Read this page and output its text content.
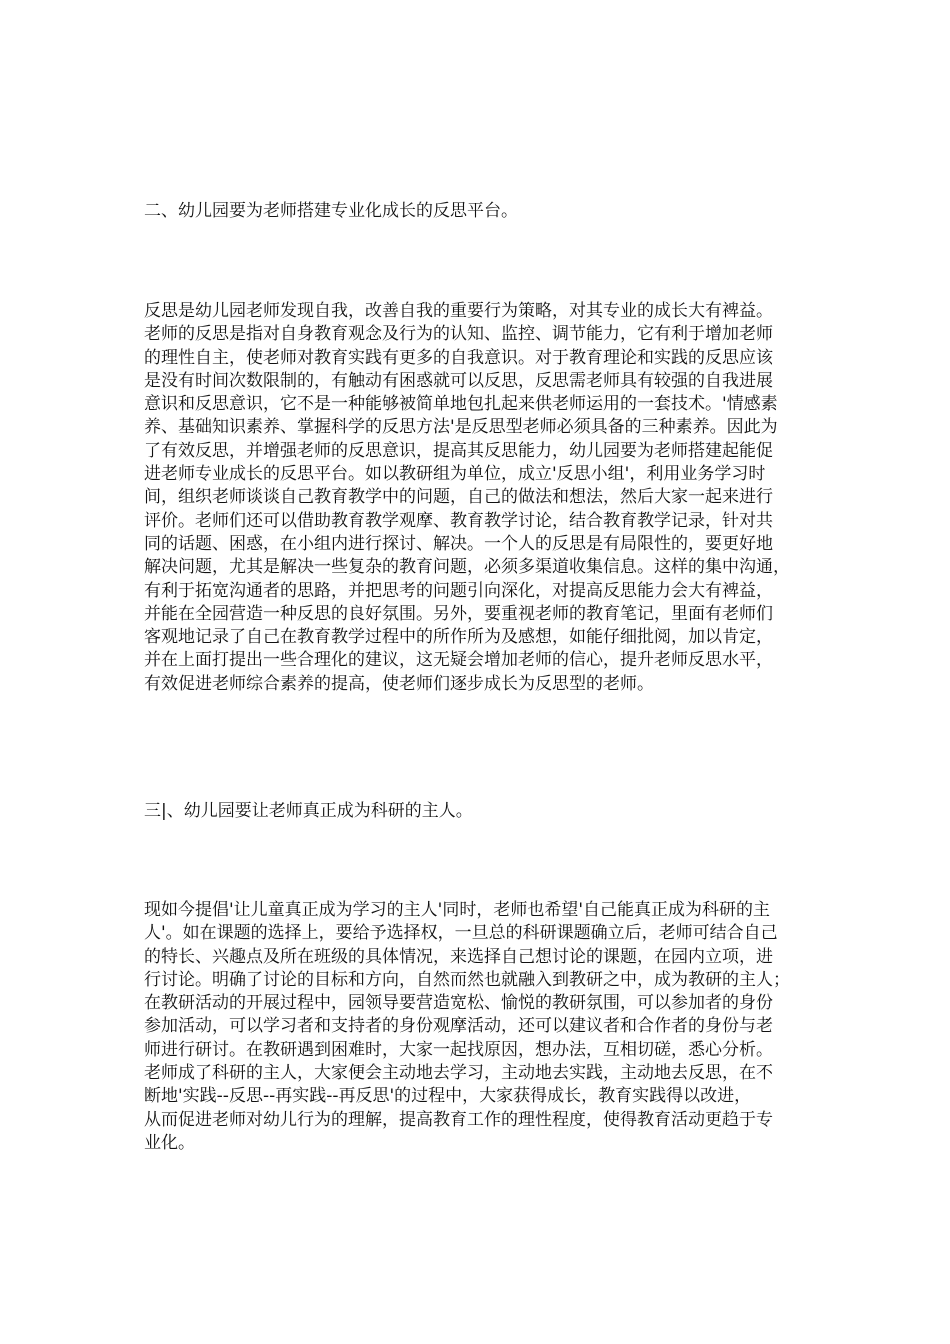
二、幼儿园要为老师搭建专业化成长的反思平台。
反思是幼儿园老师发现自我，改善自我的重要行为策略，对其专业的成长大有裨益。
老师的反思是指对自身教育观念及行为的认知、监控、调节能力，它有利于增加老师
的理性自主，使老师对教育实践有更多的自我意识。对于教育理论和实践的反思应该
是没有时间次数限制的，有触动有困惑就可以反思，反思需老师具有较强的自我进展
意识和反思意识，它不是一种能够被简单地包扎起来供老师运用的一套技术。'情感素
养、基础知识素养、掌握科学的反思方法'是反思型老师必须具备的三种素养。因此为
了有效反思，并增强老师的反思意识，提高其反思能力，幼儿园要为老师搭建起能促
进老师专业成长的反思平台。如以教研组为单位，成立'反思小组'，利用业务学习时
间，组织老师谈谈自己教育教学中的问题，自己的做法和想法，然后大家一起来进行
评价。老师们还可以借助教育教学观摩、教育教学讨论，结合教育教学记录，针对共
同的话题、困惑，在小组内进行探讨、解决。一个人的反思是有局限性的，要更好地
解决问题，尤其是解决一些复杂的教育问题，必须多渠道收集信息。这样的集中沟通，
有利于拓宽沟通者的思路，并把思考的问题引向深化，对提高反思能力会大有裨益，
并能在全园营造一种反思的良好氛围。另外，要重视老师的教育笔记，里面有老师们
客观地记录了自己在教育教学过程中的所作所为及感想，如能仔细批阅，加以肯定，
并在上面打提出一些合理化的建议，这无疑会增加老师的信心，提升老师反思水平，
有效促进老师综合素养的提高，使老师们逐步成长为反思型的老师。
三|、幼儿园要让老师真正成为科研的主人。
现如今提倡'让儿童真正成为学习的主人'同时，老师也希望'自己能真正成为科研的主
人'。如在课题的选择上，要给予选择权，一旦总的科研课题确立后，老师可结合自己
的特长、兴趣点及所在班级的具体情况，来选择自己想讨论的课题，在园内立项，进
行讨论。明确了讨论的目标和方向，自然而然也就融入到教研之中，成为教研的主人；
在教研活动的开展过程中，园领导要营造宽松、愉悦的教研氛围，可以参加者的身份
参加活动，可以学习者和支持者的身份观摩活动，还可以建议者和合作者的身份与老
师进行研讨。在教研遇到困难时，大家一起找原因，想办法，互相切磋，悉心分析。
老师成了科研的主人，大家便会主动地去学习，主动地去实践，主动地去反思，在不
断地'实践--反思--再实践--再反思'的过程中，大家获得成长，教育实践得以改进，
从而促进老师对幼儿行为的理解，提高教育工作的理性程度，使得教育活动更趋于专
业化。
